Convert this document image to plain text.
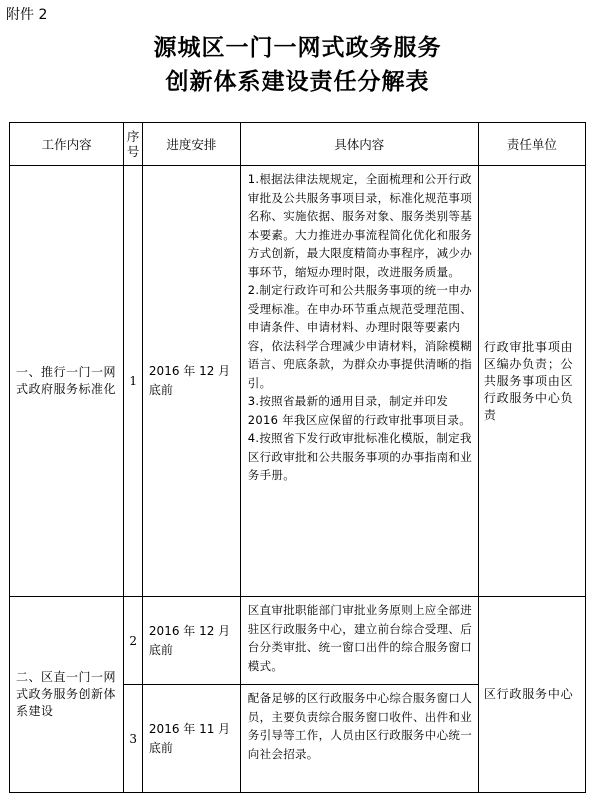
附件 2
源城区一门一网式政务服务
创新体系建设责任分解表
工作内容	序号	进度安排	具体内容	责任单位
一、推行一门一网式政府服务标准化	1	2016 年 12 月底前	1.根据法律法规规定，全面梳理和公开行政审批及公共服务事项目录，标准化规范事项名称、实施依据、服务对象、服务类别等基本要素。大力推进办事流程简化优化和服务方式创新，最大限度精简办事程序，减少办事环节，缩短办理时限，改进服务质量。

2.制定行政许可和公共服务事项的统一申办受理标准。在申办环节重点规范受理范围、申请条件、申请材料、办理时限等要素内容，依法科学合理减少申请材料，消除模糊语言、兜底条款，为群众办事提供清晰的指引。

3.按照省最新的通用目录，制定并印发 2016 年我区应保留的行政审批事项目录。

4.按照省下发行政审批标准化模版，制定我区行政审批和公共服务事项的办事指南和业务手册。	行政审批事项由区编办负责；公共服务事项由区行政服务中心负责
二、区直一门一网式政务服务创新体系建设	2	2016 年 12 月底前	区直审批职能部门审批业务原则上应全部进驻区行政服务中心，建立前台综合受理、后台分类审批、统一窗口出件的综合服务窗口模式。	区行政服务中心
	3	2016 年 11 月底前	配备足够的区行政服务中心综合服务窗口人员，主要负责综合服务窗口收件、出件和业务引导等工作，人员由区行政服务中心统一向社会招录。	
